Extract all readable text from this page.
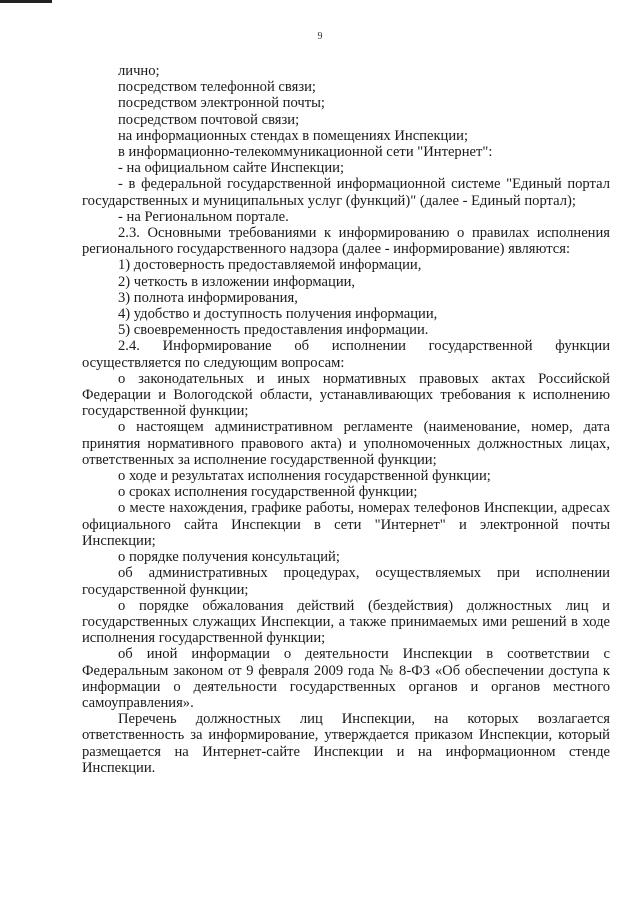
9

лично;

посредством телефонной связи;

посредством электронной почты;

посредством почтовой связи;

на информационных стендах в помещениях Инспекции;

в информационно-телекоммуникационной сети "Интернет":

- на официальном сайте Инспекции;

- в федеральной государственной информационной системе "Единый портал государственных и муниципальных услуг (функций)" (далее - Единый портал);

- на Региональном портале.

2.3. Основными требованиями к информированию о правилах исполнения регионального государственного надзора (далее - информирование) являются:

1) достоверность предоставляемой информации,

2) четкость в изложении информации,

3) полнота информирования,

4) удобство и доступность получения информации,

5) своевременность предоставления информации.

2.4. Информирование об исполнении государственной функции осуществляется по следующим вопросам:

о законодательных и иных нормативных правовых актах Российской Федерации и Вологодской области, устанавливающих требования к исполнению государственной функции;

о настоящем административном регламенте (наименование, номер, дата принятия нормативного правового акта) и уполномоченных должностных лицах, ответственных за исполнение государственной функции;

о ходе и результатах исполнения государственной функции;

о сроках исполнения государственной функции;

о месте нахождения, графике работы, номерах телефонов Инспекции, адресах официального сайта Инспекции в сети "Интернет" и электронной почты Инспекции;

о порядке получения консультаций;

об административных процедурах, осуществляемых при исполнении государственной функции;

о порядке обжалования действий (бездействия) должностных лиц и государственных служащих Инспекции, а также принимаемых ими решений в ходе исполнения государственной функции;

об иной информации о деятельности Инспекции в соответствии с Федеральным законом от 9 февраля 2009 года № 8-ФЗ «Об обеспечении доступа к информации о деятельности государственных органов и органов местного самоуправления».

Перечень должностных лиц Инспекции, на которых возлагается ответственность за информирование, утверждается приказом Инспекции, который размещается на Интернет-сайте Инспекции и на информационном стенде Инспекции.
